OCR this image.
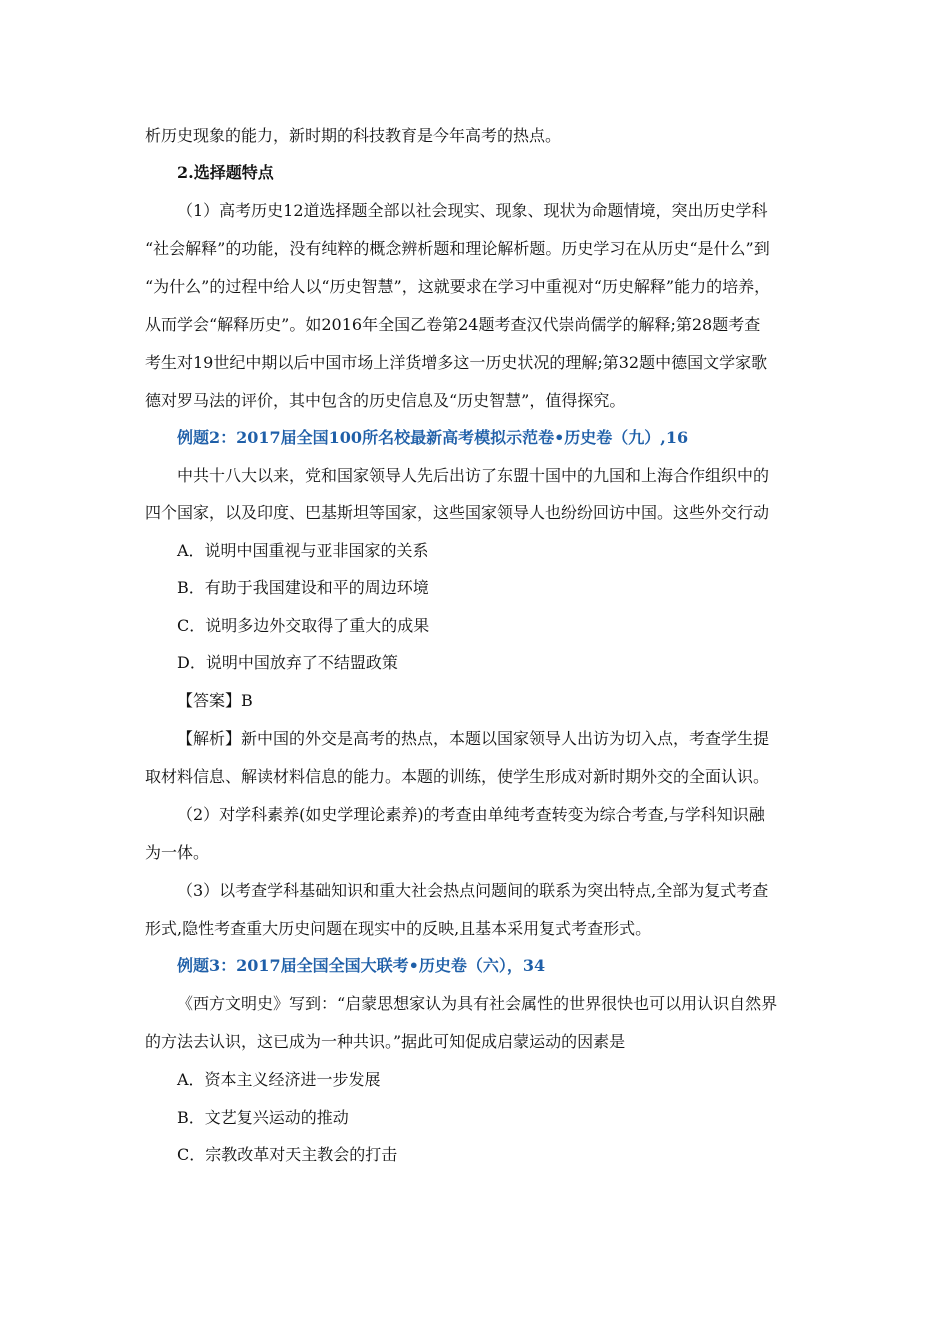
析历史现象的能力，新时期的科技教育是今年高考的热点。
2.选择题特点
（1）高考历史12道选择题全部以社会现实、现象、现状为命题情境，突出历史学科
“社会解释”的功能，没有纯粹的概念辨析题和理论解析题。历史学习在从历史“是什么”到
“为什么”的过程中给人以“历史智慧”，这就要求在学习中重视对“历史解释”能力的培养，
从而学会“解释历史”。如2016年全国乙卷第24题考查汉代崇尚儒学的解释;第28题考查
考生对19世纪中期以后中国市场上洋货增多这一历史状况的理解;第32题中德国文学家歌
德对罗马法的评价，其中包含的历史信息及“历史智慧”，值得探究。
例题2：2017届全国100所名校最新高考模拟示范卷•历史卷（九）,16
中共十八大以来，党和国家领导人先后出访了东盟十国中的九国和上海合作组织中的
四个国家，以及印度、巴基斯坦等国家，这些国家领导人也纷纷回访中国。这些外交行动
A．说明中国重视与亚非国家的关系
B．有助于我国建设和平的周边环境
C．说明多边外交取得了重大的成果
D．说明中国放弃了不结盟政策
【答案】B
【解析】新中国的外交是高考的热点，本题以国家领导人出访为切入点，考查学生提
取材料信息、解读材料信息的能力。本题的训练，使学生形成对新时期外交的全面认识。
（2）对学科素养(如史学理论素养)的考查由单纯考查转变为综合考查,与学科知识融
为一体。
（3）以考查学科基础知识和重大社会热点问题间的联系为突出特点,全部为复式考查
形式,隐性考查重大历史问题在现实中的反映,且基本采用复式考查形式。
例题3：2017届全国全国大联考•历史卷（六），34
《西方文明史》写到：“启蒙思想家认为具有社会属性的世界很快也可以用认识自然界
的方法去认识，这已成为一种共识。”据此可知促成启蒙运动的因素是
A．资本主义经济进一步发展
B．文艺复兴运动的推动
C．宗教改革对天主教会的打击
